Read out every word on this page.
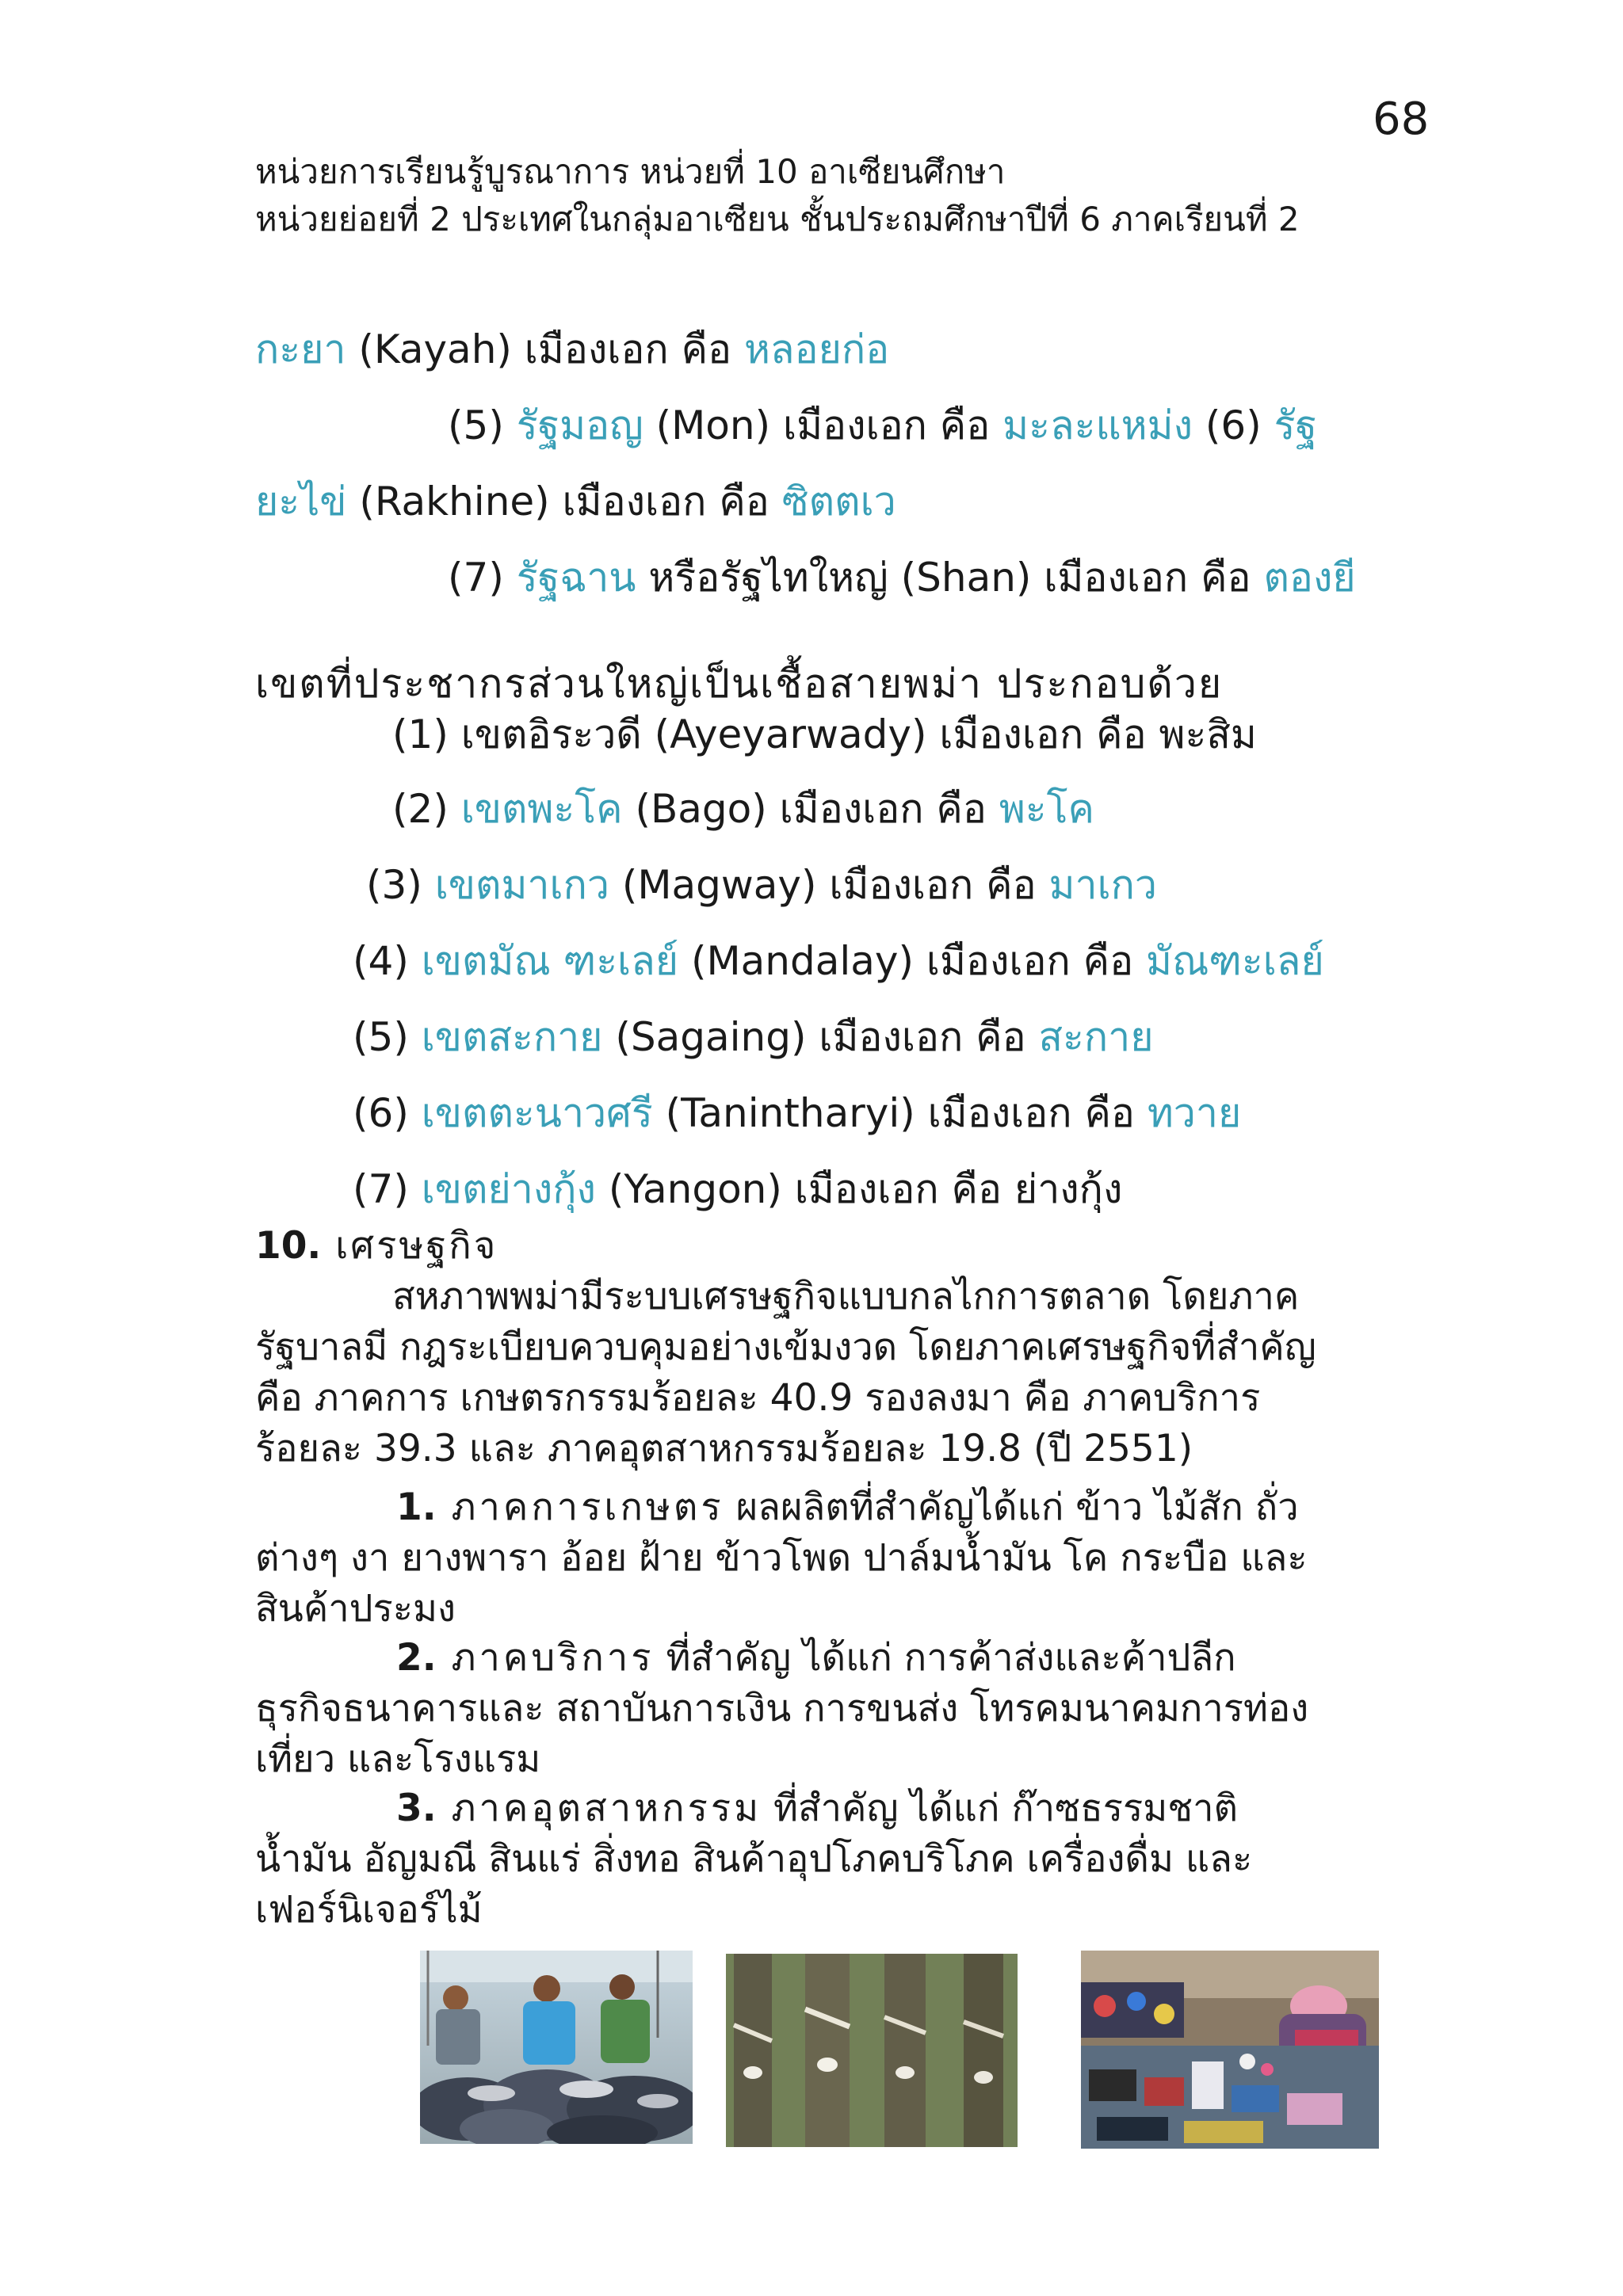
68
หน่วยการเรียนรู้บูรณาการ หน่วยที่ 10 อาเซียนศึกษา
หน่วยย่อยที่ 2 ประเทศในกลุ่มอาเซียน ชั้นประถมศึกษาปีที่ 6 ภาคเรียนที่ 2
กะยา (Kayah) เมืองเอก คือ หลอยก่อ
(5) รัฐมอญ (Mon) เมืองเอก คือ มะละแหม่ง (6) รัฐ
ยะไข่ (Rakhine) เมืองเอก คือ ซิตตเว
(7) รัฐฉาน หรือรัฐไทใหญ่ (Shan) เมืองเอก คือ ตองยี
เขตที่ประชากรส่วนใหญ่เป็นเชื้อสายพม่า ประกอบด้วย
(1) เขตอิระวดี (Ayeyarwady) เมืองเอก คือ พะสิม
(2) เขตพะโค (Bago) เมืองเอก คือ พะโค
(3) เขตมาเกว (Magway) เมืองเอก คือ มาเกว
(4) เขตมัณ ฑะเลย์ (Mandalay) เมืองเอก คือ มัณฑะเลย์
(5) เขตสะกาย (Sagaing) เมืองเอก คือ สะกาย
(6) เขตตะนาวศรี (Tanintharyi) เมืองเอก คือ ทวาย
(7) เขตย่างกุ้ง (Yangon) เมืองเอก คือ ย่างกุ้ง
10. เศรษฐกิจ
สหภาพพม่ามีระบบเศรษฐกิจแบบกลไกการตลาด โดยภาค
รัฐบาลมี กฎระเบียบควบคุมอย่างเข้มงวด โดยภาคเศรษฐกิจที่สำคัญ
คือ ภาคการ เกษตรกรรมร้อยละ 40.9 รองลงมา คือ ภาคบริการ
ร้อยละ 39.3 และ ภาคอุตสาหกรรมร้อยละ 19.8 (ปี 2551)
1. ภาคการเกษตร ผลผลิตที่สำคัญได้แก่ ข้าว ไม้สัก ถั่ว
ต่างๆ งา ยางพารา อ้อย ฝ้าย ข้าวโพด ปาล์มน้ำมัน โค กระบือ และ
สินค้าประมง
2. ภาคบริการ ที่สำคัญ ได้แก่ การค้าส่งและค้าปลีก
ธุรกิจธนาคารและ สถาบันการเงิน การขนส่ง โทรคมนาคมการท่อง
เที่ยว และโรงแรม
3. ภาคอุตสาหกรรม ที่สำคัญ ได้แก่ ก๊าซธรรมชาติ
น้ำมัน อัญมณี สินแร่ สิ่งทอ สินค้าอุปโภคบริโภค เครื่องดื่ม และ
เฟอร์นิเจอร์ไม้
